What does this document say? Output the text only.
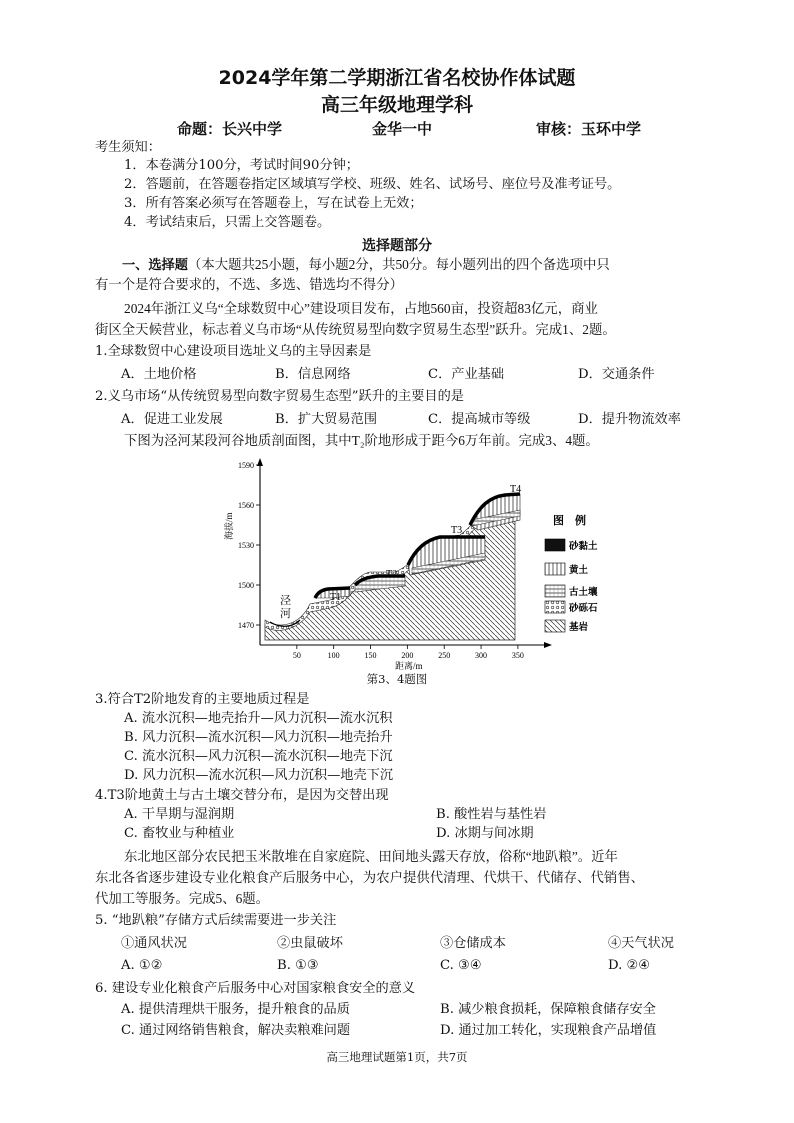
2024学年第二学期浙江省名校协作体试题
高三年级地理学科
命题：长兴中学	金华一中	审核：玉环中学
考生须知：
1．本卷满分100分，考试时间90分钟；
2．答题前，在答题卷指定区域填写学校、班级、姓名、试场号、座位号及准考证号。
3．所有答案必须写在答题卷上，写在试卷上无效；
4．考试结束后，只需上交答题卷。
选择题部分
一、选择题（本大题共25小题，每小题2分，共50分。每小题列出的四个备选项中只
有一个是符合要求的，不选、多选、错选均不得分）
2024年浙江义乌“全球数贸中心”建设项目发布，占地560亩，投资超83亿元，商业
街区全天候营业，标志着义乌市场“从传统贸易型向数字贸易生态型”跃升。完成1、2题。
1.全球数贸中心建设项目选址义乌的主导因素是
A．土地价格	B．信息网络	C．产业基础	D．交通条件
2.义乌市场“从传统贸易型向数字贸易生态型”跃升的主要目的是
A．促进工业发展	B．扩大贸易范围	C．提高城市等级	D．提升物流效率
下图为泾河某段河谷地质剖面图，其中T₂阶地形成于距今6万年前。完成3、4题。
1590
1560
1530
1500
1470
50	100	150	200	250	300	350
海拔/m
距离/m
T1
T2
T3
T4
泾
河
图　例
砂黏土
黄土
古土壤
砂砾石
基岩
第3、4题图
3.符合T2阶地发育的主要地质过程是
A. 流水沉积—地壳抬升—风力沉积—流水沉积
B. 风力沉积—流水沉积—风力沉积—地壳抬升
C. 流水沉积—风力沉积—流水沉积—地壳下沉
D. 风力沉积—流水沉积—风力沉积—地壳下沉
4.T3阶地黄土与古土壤交替分布，是因为交替出现
A. 干旱期与湿润期	B. 酸性岩与基性岩
C. 畜牧业与种植业	D. 冰期与间冰期
东北地区部分农民把玉米散堆在自家庭院、田间地头露天存放，俗称“地趴粮”。近年
东北各省逐步建设专业化粮食产后服务中心，为农户提供代清理、代烘干、代储存、代销售、
代加工等服务。完成5、6题。
5. “地趴粮”存储方式后续需要进一步关注
①通风状况	②虫鼠破坏	③仓储成本	④天气状况
A. ①②	B. ①③	C. ③④	D. ②④
6. 建设专业化粮食产后服务中心对国家粮食安全的意义
A. 提供清理烘干服务，提升粮食的品质	B. 减少粮食损耗，保障粮食储存安全
C. 通过网络销售粮食，解决卖粮难问题	D. 通过加工转化，实现粮食产品增值
高三地理试题第1页，共7页
